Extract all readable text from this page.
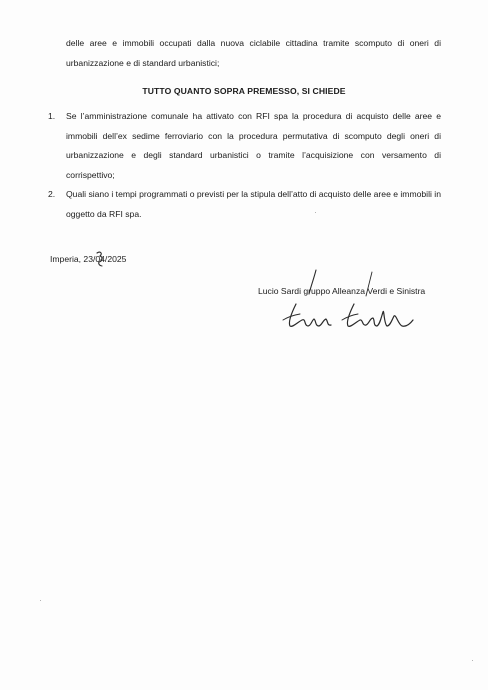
delle aree e immobili occupati dalla nuova ciclabile cittadina tramite scomputo di oneri di urbanizzazione e di standard urbanistici;
TUTTO QUANTO SOPRA PREMESSO, SI CHIEDE
1. Se l’amministrazione comunale ha attivato con RFI spa la procedura di acquisto delle aree e immobili dell’ex sedime ferroviario con la procedura permutativa di scomputo degli oneri di urbanizzazione e degli standard urbanistici o tramite l’acquisizione con versamento di corrispettivo;
2. Quali siano i tempi programmati o previsti per la stipula dell’atto di acquisto delle aree e immobili in oggetto da RFI spa.
Imperia, 23/04/2025
Lucio Sardi gruppo Alleanza Verdi e Sinistra
